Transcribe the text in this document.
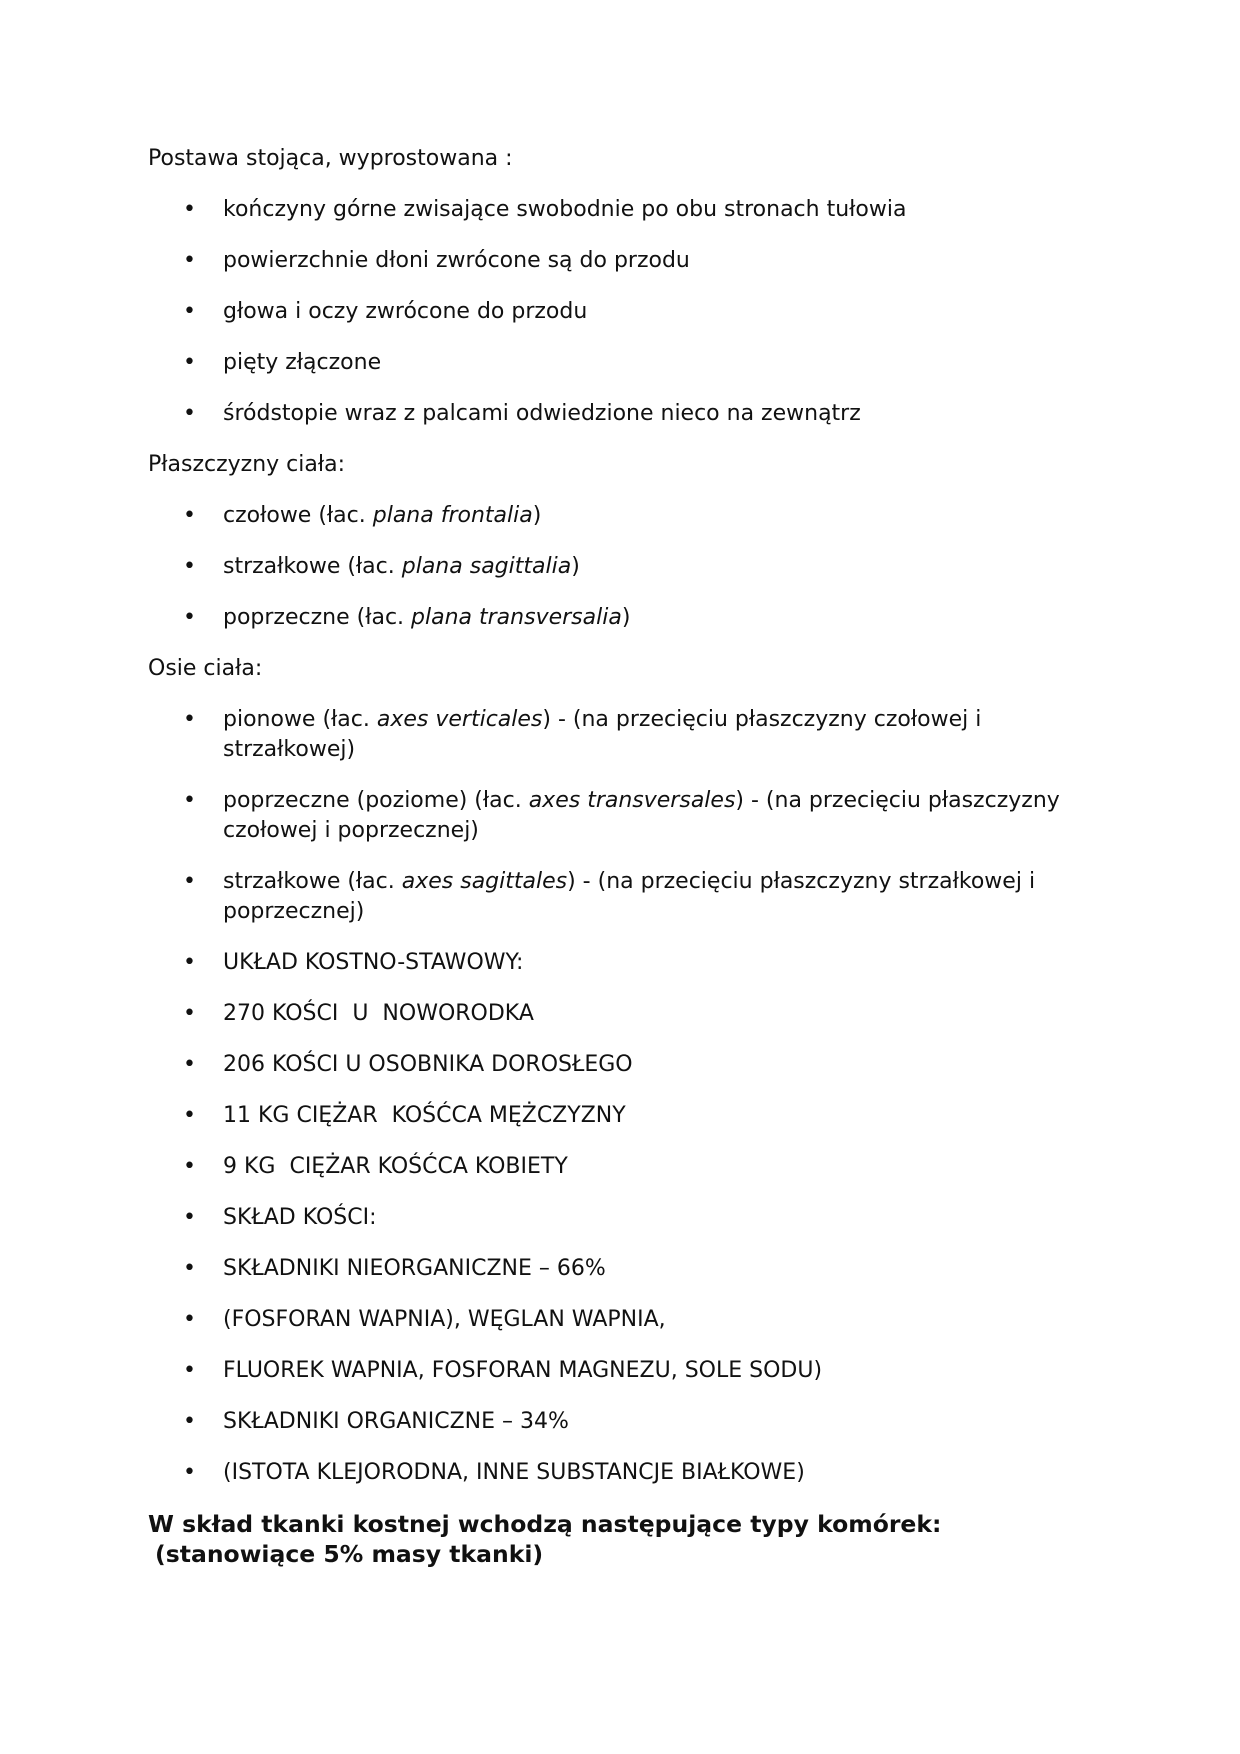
Postawa stojąca, wyprostowana :
•	kończyny górne zwisające swobodnie po obu stronach tułowia
•	powierzchnie dłoni zwrócone są do przodu
•	głowa i oczy zwrócone do przodu
•	pięty złączone
•	śródstopie wraz z palcami odwiedzione nieco na zewnątrz
Płaszczyzny ciała:
•	czołowe (łac. plana frontalia)
•	strzałkowe (łac. plana sagittalia)
•	poprzeczne (łac. plana transversalia)
Osie ciała:
•	pionowe (łac. axes verticales) - (na przecięciu płaszczyzny czołowej i strzałkowej)
•	poprzeczne (poziome) (łac. axes transversales) - (na przecięciu płaszczyzny czołowej i poprzecznej)
•	strzałkowe (łac. axes sagittales) - (na przecięciu płaszczyzny strzałkowej i poprzecznej)
•	UKŁAD KOSTNO-STAWOWY:
•	270 KOŚCI  U  NOWORODKA
•	206 KOŚCI U OSOBNIKA DOROSŁEGO
•	11 KG CIĘŻAR  KOŚĆCA MĘŻCZYZNY
•	9 KG  CIĘŻAR KOŚĆCA KOBIETY
•	SKŁAD KOŚCI:
•	SKŁADNIKI NIEORGANICZNE – 66%
•	(FOSFORAN WAPNIA), WĘGLAN WAPNIA,
•	FLUOREK WAPNIA, FOSFORAN MAGNEZU, SOLE SODU)
•	SKŁADNIKI ORGANICZNE – 34%
•	(ISTOTA KLEJORODNA, INNE SUBSTANCJE BIAŁKOWE)
W skład tkanki kostnej wchodzą następujące typy komórek:
(stanowiące 5% masy tkanki)
